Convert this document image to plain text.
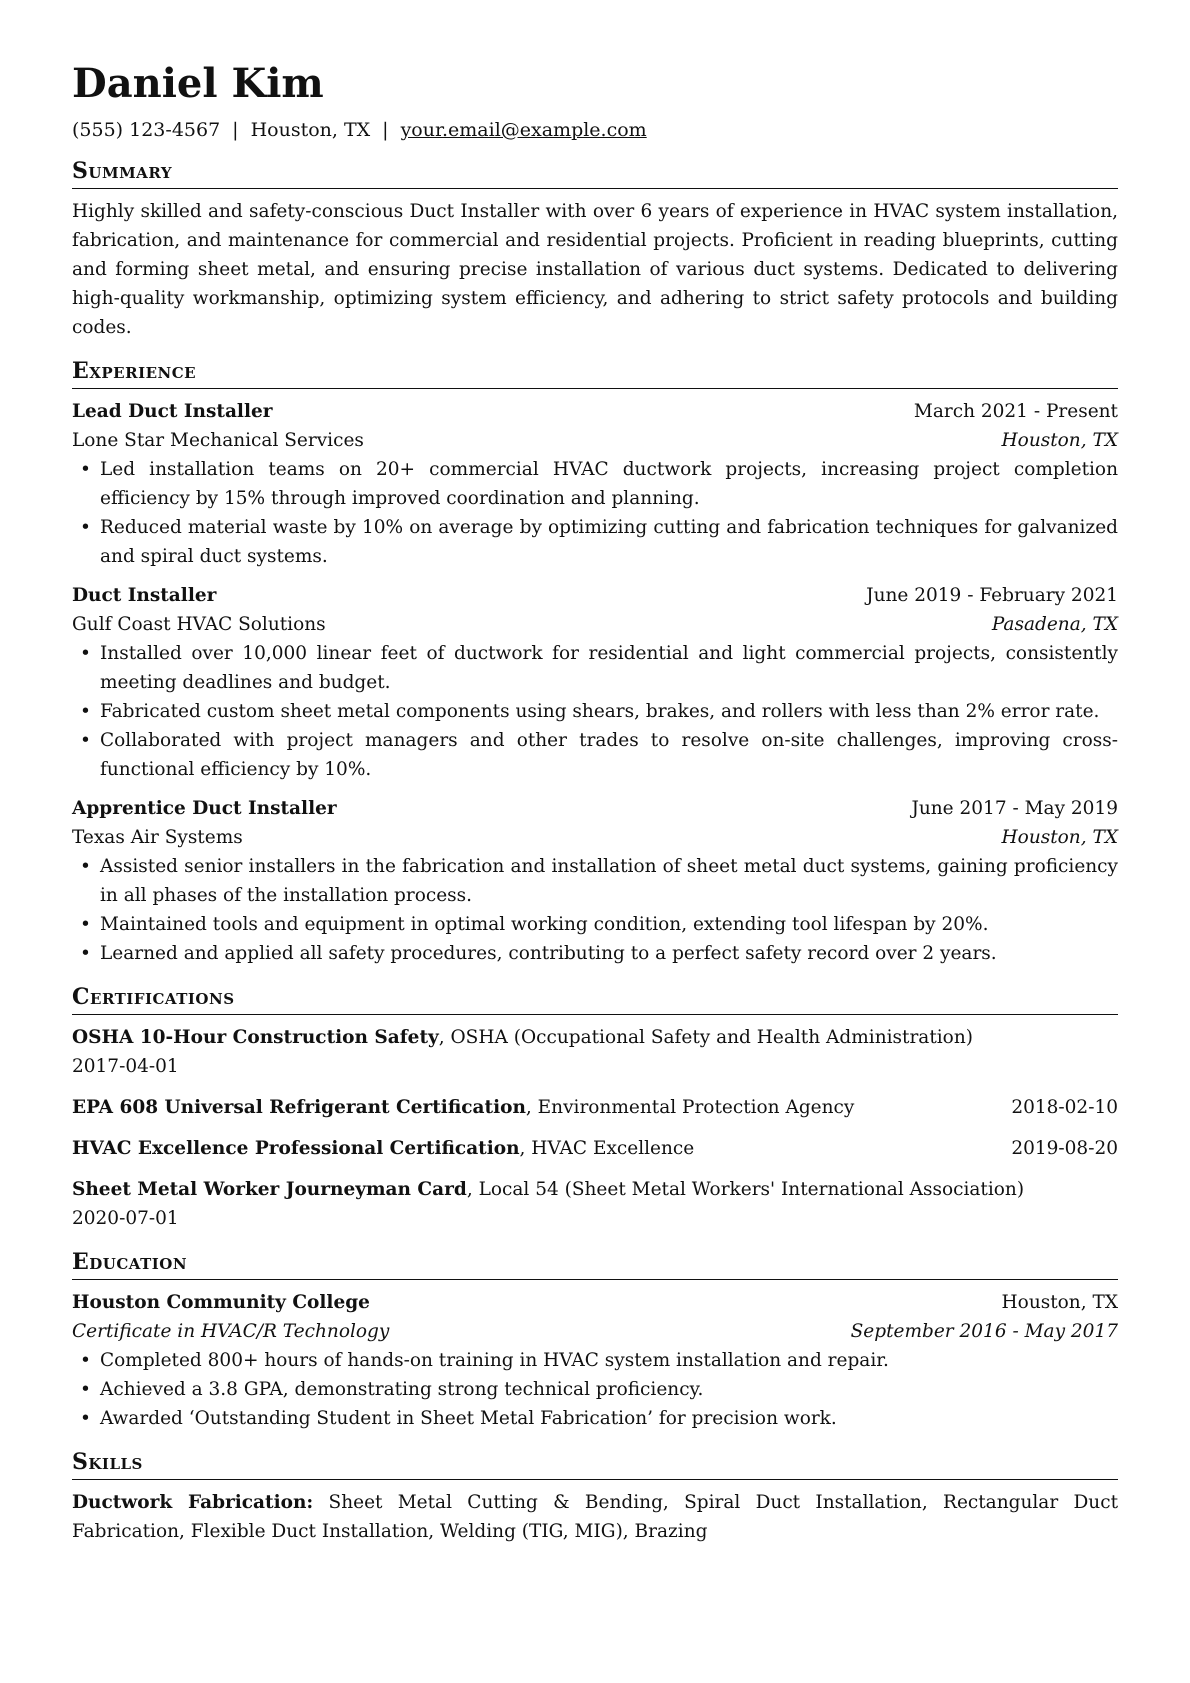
Daniel Kim
(555) 123-4567 | Houston, TX | your.email@example.com
Summary

Highly skilled and safety-conscious Duct Installer with over 6 years of experience in HVAC system installation, fabrication, and maintenance for commercial and residential projects. Proficient in reading blueprints, cutting and forming sheet metal, and ensuring precise installation of various duct systems. Dedicated to delivering high-quality workmanship, optimizing system efficiency, and adhering to strict safety protocols and building codes.

Experience
Lead Duct Installer	March 2021 - Present
Lone Star Mechanical Services	Houston, TX
• Led installation teams on 20+ commercial HVAC ductwork projects, increasing project completion efficiency by 15% through improved coordination and planning.
• Reduced material waste by 10% on average by optimizing cutting and fabrication techniques for galvanized and spiral duct systems.
Duct Installer	June 2019 - February 2021
Gulf Coast HVAC Solutions	Pasadena, TX
• Installed over 10,000 linear feet of ductwork for residential and light commercial projects, consistently meeting deadlines and budget.
• Fabricated custom sheet metal components using shears, brakes, and rollers with less than 2% error rate.
• Collaborated with project managers and other trades to resolve on-site challenges, improving cross-functional efficiency by 10%.
Apprentice Duct Installer	June 2017 - May 2019
Texas Air Systems	Houston, TX
• Assisted senior installers in the fabrication and installation of sheet metal duct systems, gaining proficiency in all phases of the installation process.
• Maintained tools and equipment in optimal working condition, extending tool lifespan by 20%.
• Learned and applied all safety procedures, contributing to a perfect safety record over 2 years.
Certifications
OSHA 10-Hour Construction Safety, OSHA (Occupational Safety and Health Administration)
2017-04-01
EPA 608 Universal Refrigerant Certification, Environmental Protection Agency	2018-02-10
HVAC Excellence Professional Certification, HVAC Excellence	2019-08-20
Sheet Metal Worker Journeyman Card, Local 54 (Sheet Metal Workers' International Association)
2020-07-01
Education
Houston Community College	Houston, TX
Certificate in HVAC/R Technology	September 2016 - May 2017
• Completed 800+ hours of hands-on training in HVAC system installation and repair.
• Achieved a 3.8 GPA, demonstrating strong technical proficiency.
• Awarded ‘Outstanding Student in Sheet Metal Fabrication’ for precision work.
Skills
Ductwork Fabrication: Sheet Metal Cutting & Bending, Spiral Duct Installation, Rectangular Duct Fabrication, Flexible Duct Installation, Welding (TIG, MIG), Brazing
